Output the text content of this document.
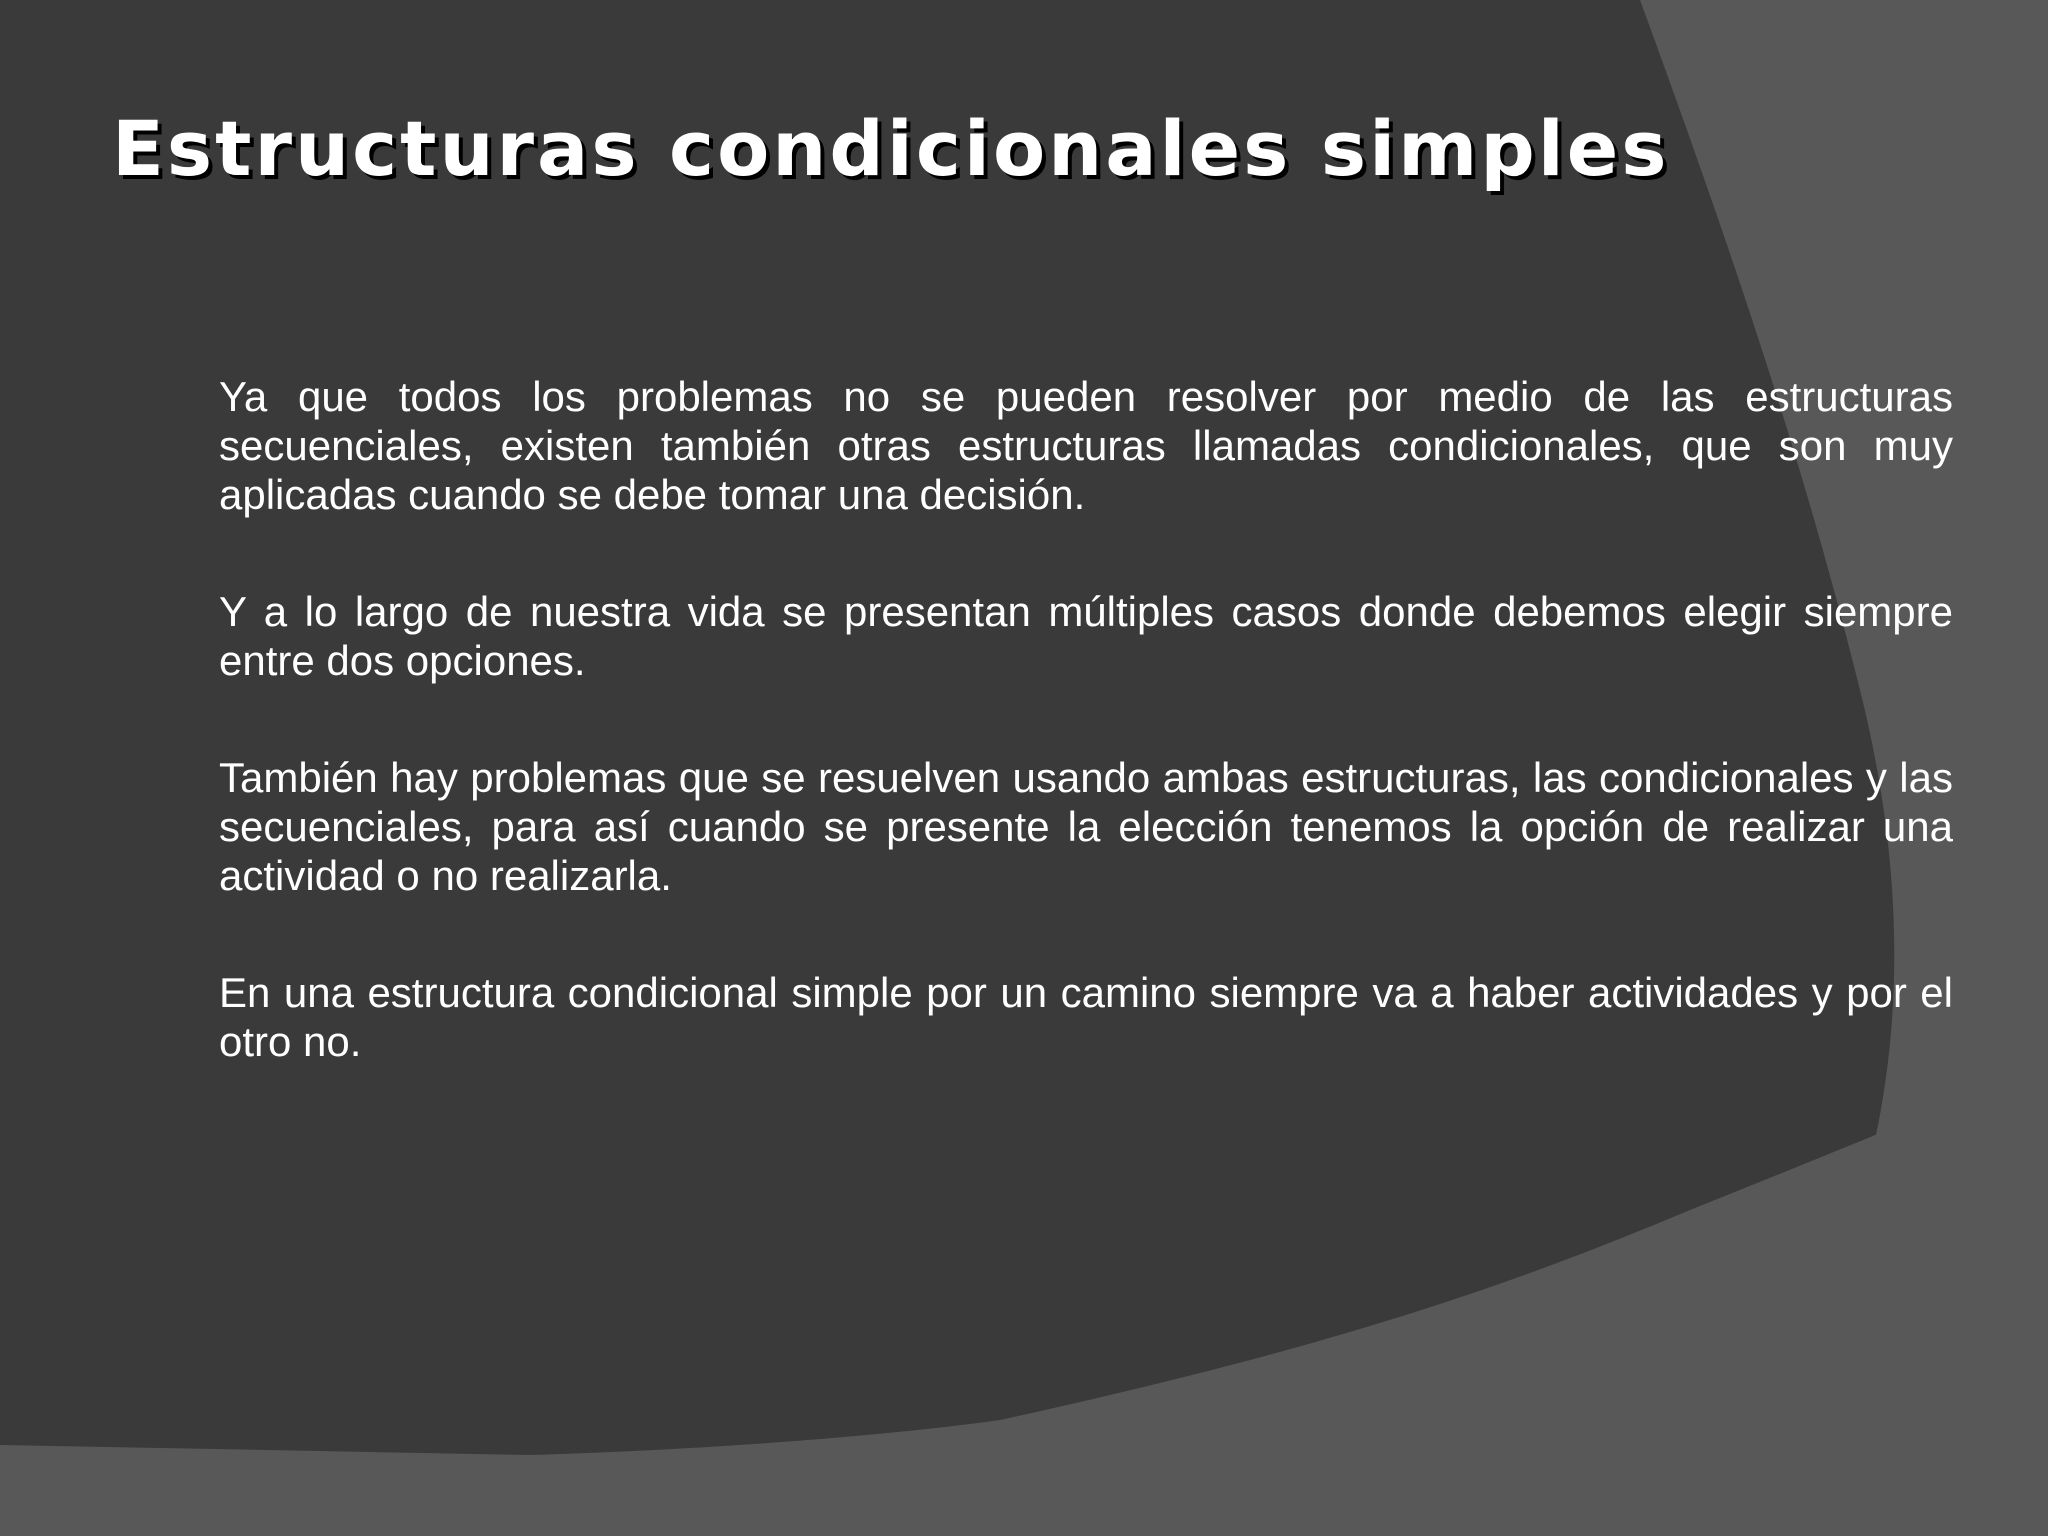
Estructuras condicionales simples

Ya que todos los problemas no se pueden resolver por medio de las estructuras secuenciales, existen también otras estructuras llamadas condicionales, que son muy aplicadas cuando se debe tomar una decisión.

Y a lo largo de nuestra vida se presentan múltiples casos donde debemos elegir siempre entre dos opciones.

También hay problemas que se resuelven usando ambas estructuras, las condicionales y las secuenciales, para así cuando se presente la elección tenemos la opción de realizar una actividad o no realizarla.

En una estructura condicional simple por un camino siempre va a haber actividades y por el otro no.
